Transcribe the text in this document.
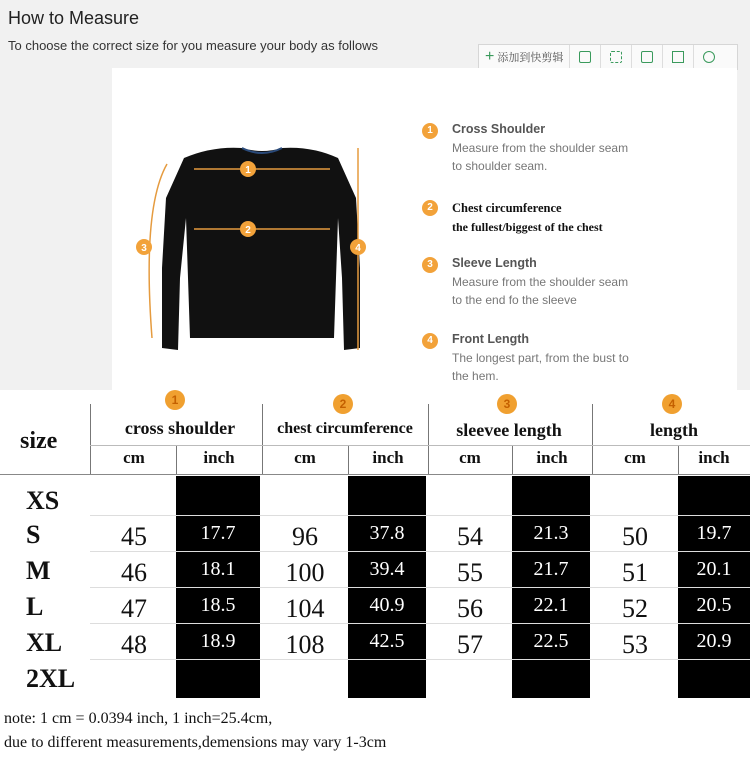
How to Measure
To choose the correct size for you measure your body as follows
+ 添加到快剪辑
1
2
3	4
1	Cross Shoulder
Measure from the shoulder seam
to shoulder seam.
2	Chest circumference
the fullest/biggest of the chest
3	Sleeve Length
Measure from the shoulder seam
to the end fo the sleeve
4	Front Length
The longest part, from the bust to
the hem.
1	2	3	4
size	cross shoulder	chest circumference	sleevee length	length
cm	inch	cm	inch	cm	inch	cm	inch
XS
S	45	17.7	96	37.8	54	21.3	50	19.7
M	46	18.1	100	39.4	55	21.7	51	20.1
L	47	18.5	104	40.9	56	22.1	52	20.5
XL	48	18.9	108	42.5	57	22.5	53	20.9
2XL
note: 1 cm = 0.0394 inch, 1 inch=25.4cm,
due to different measurements,demensions may vary 1-3cm
